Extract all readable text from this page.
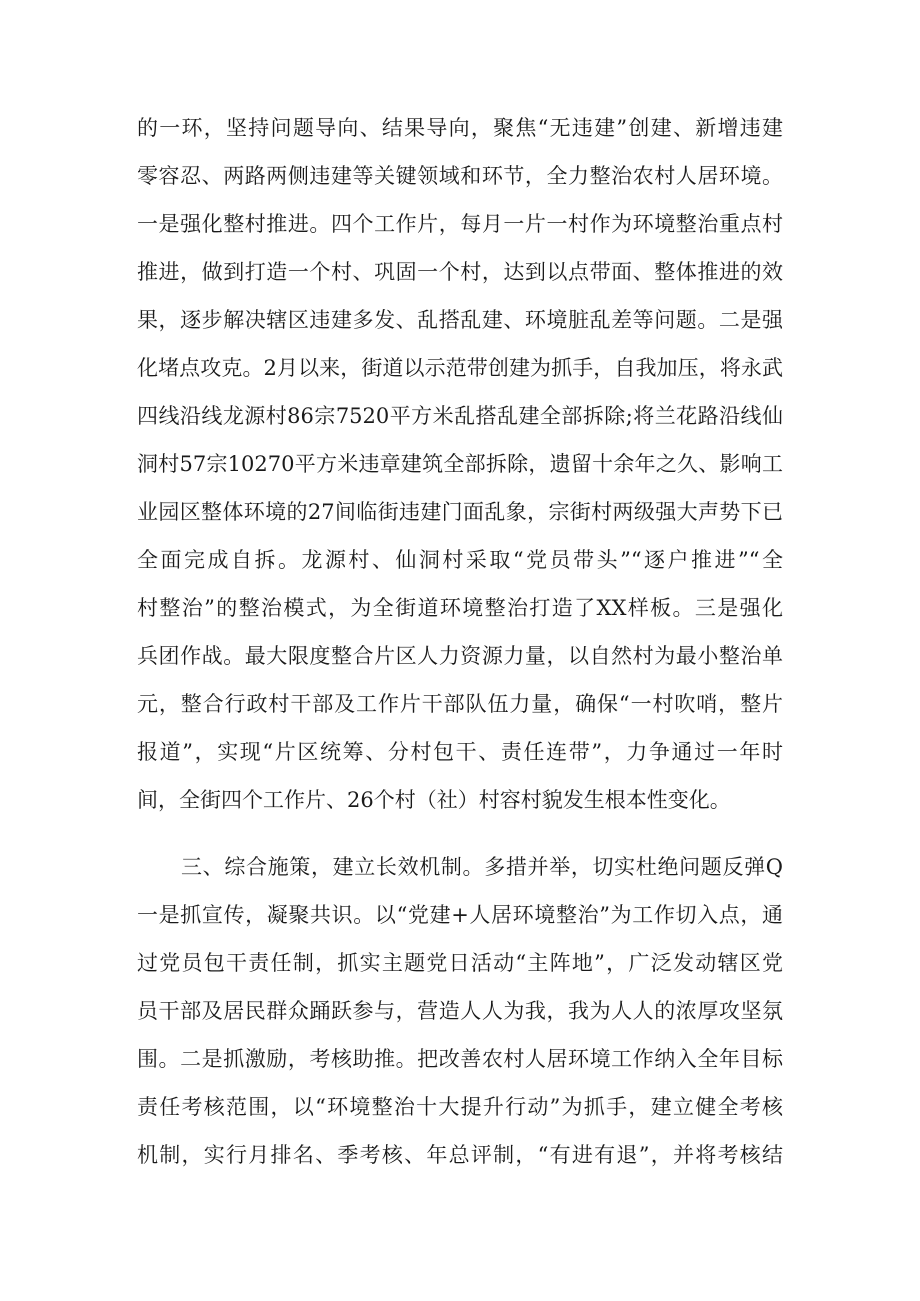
的一环，坚持问题导向、结果导向，聚焦“无违建”创建、新增违建
零容忍、两路两侧违建等关键领域和环节，全力整治农村人居环境。
一是强化整村推进。四个工作片，每月一片一村作为环境整治重点村
推进，做到打造一个村、巩固一个村，达到以点带面、整体推进的效
果，逐步解决辖区违建多发、乱搭乱建、环境脏乱差等问题。二是强
化堵点攻克。2月以来，街道以示范带创建为抓手，自我加压，将永武
四线沿线龙源村86宗7520平方米乱搭乱建全部拆除;将兰花路沿线仙
洞村57宗10270平方米违章建筑全部拆除，遗留十余年之久、影响工
业园区整体环境的27间临街违建门面乱象，宗街村两级强大声势下已
全面完成自拆。龙源村、仙洞村采取“党员带头”“逐户推进”“全
村整治”的整治模式，为全街道环境整治打造了XX样板。三是强化
兵团作战。最大限度整合片区人力资源力量，以自然村为最小整治单
元，整合行政村干部及工作片干部队伍力量，确保“一村吹哨，整片
报道”，实现“片区统筹、分村包干、责任连带”，力争通过一年时
间，全街四个工作片、26个村（社）村容村貌发生根本性变化。
三、综合施策，建立长效机制。多措并举，切实杜绝问题反弹Q
一是抓宣传，凝聚共识。以“党建+人居环境整治”为工作切入点，通
过党员包干责任制，抓实主题党日活动“主阵地”，广泛发动辖区党
员干部及居民群众踊跃参与，营造人人为我，我为人人的浓厚攻坚氛
围。二是抓激励，考核助推。把改善农村人居环境工作纳入全年目标
责任考核范围，以“环境整治十大提升行动”为抓手，建立健全考核
机制，实行月排名、季考核、年总评制，“有进有退”，并将考核结
